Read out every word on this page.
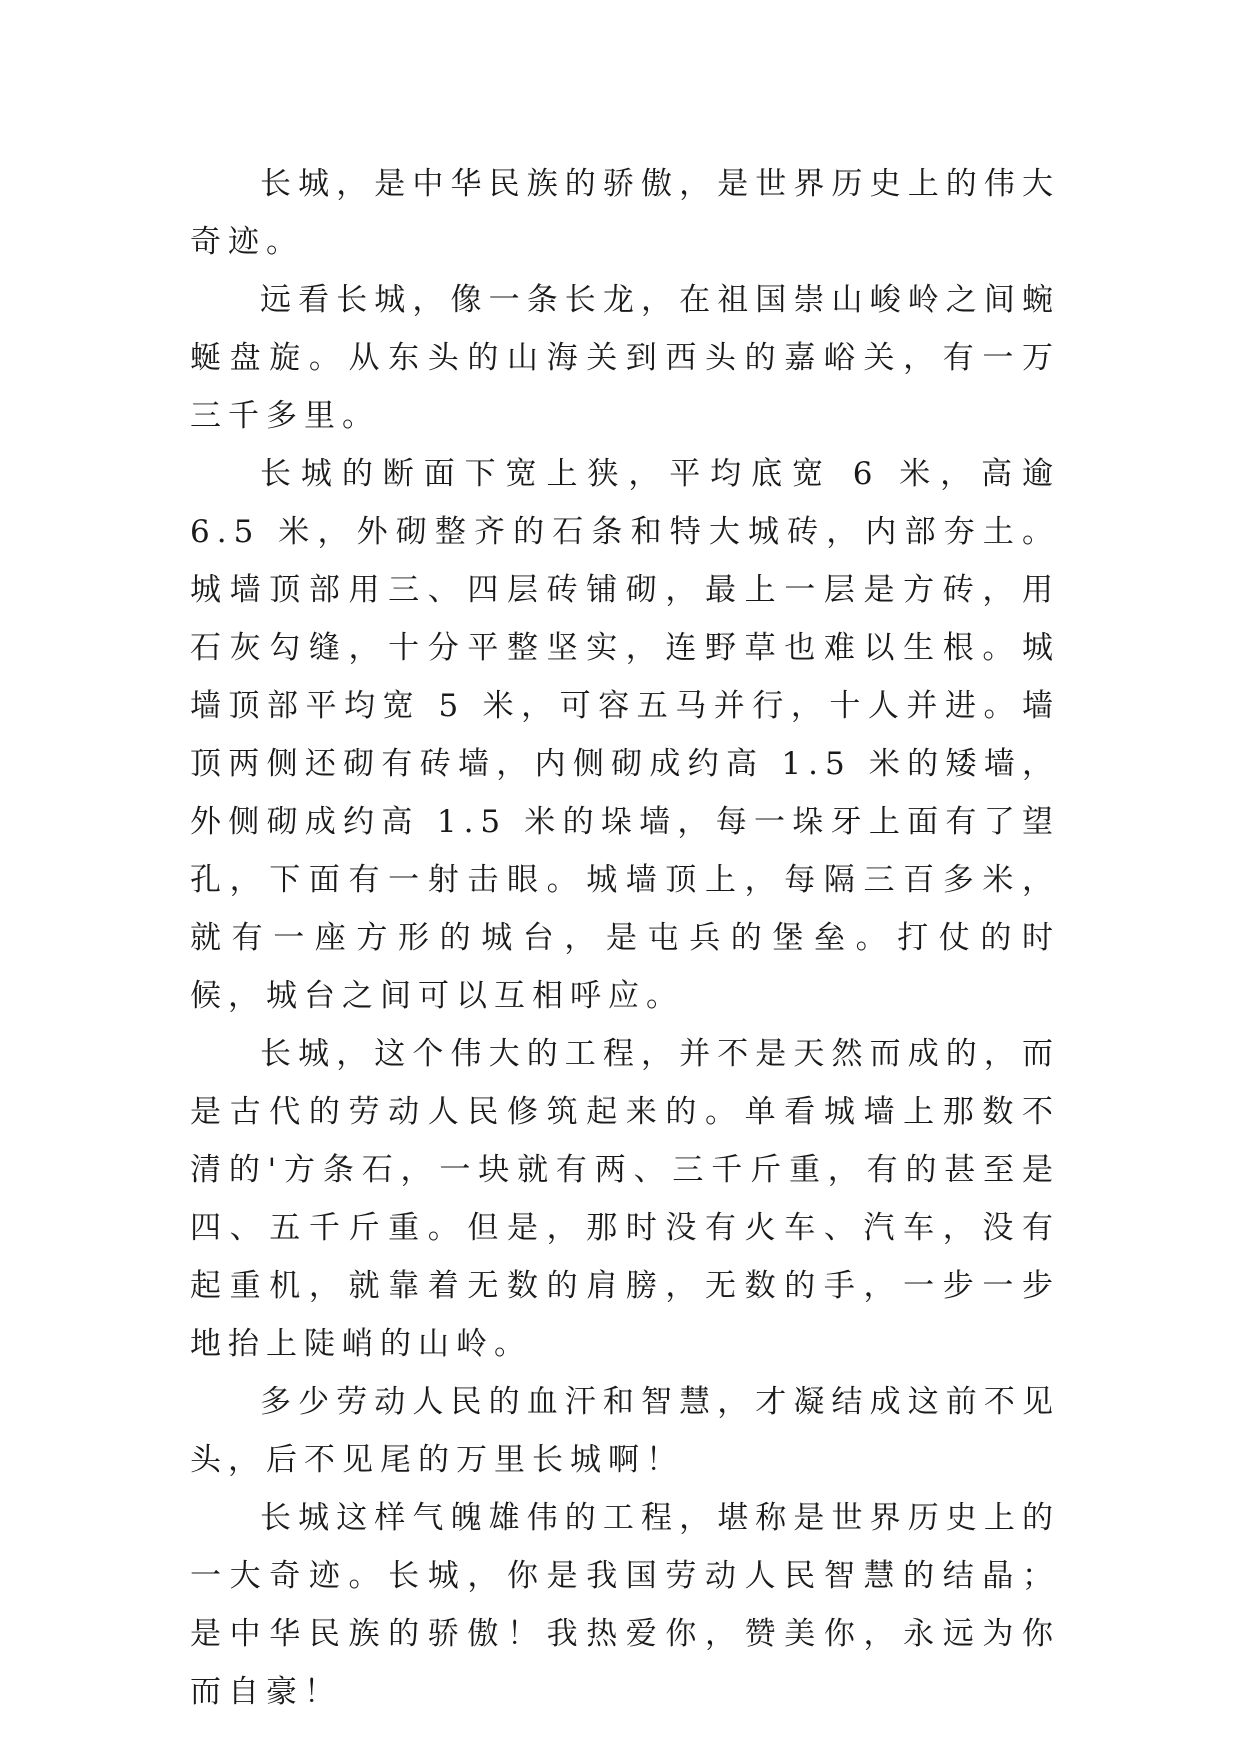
长城，是中华民族的骄傲，是世界历史上的伟大奇迹。

远看长城，像一条长龙，在祖国崇山峻岭之间蜿蜒盘旋。从东头的山海关到西头的嘉峪关，有一万三千多里。

长城的断面下宽上狭，平均底宽 6 米，高逾 6.5 米，外砌整齐的石条和特大城砖，内部夯土。城墙顶部用三、四层砖铺砌，最上一层是方砖，用石灰勾缝，十分平整坚实，连野草也难以生根。城墙顶部平均宽 5 米，可容五马并行，十人并进。墙顶两侧还砌有砖墙，内侧砌成约高 1.5 米的矮墙，外侧砌成约高 1.5 米的垛墙，每一垛牙上面有了望孔，下面有一射击眼。城墙顶上，每隔三百多米，就有一座方形的城台，是屯兵的堡垒。打仗的时候，城台之间可以互相呼应。

长城，这个伟大的工程，并不是天然而成的，而是古代的劳动人民修筑起来的。单看城墙上那数不清的'方条石，一块就有两、三千斤重，有的甚至是四、五千斤重。但是，那时没有火车、汽车，没有起重机，就靠着无数的肩膀，无数的手，一步一步地抬上陡峭的山岭。

多少劳动人民的血汗和智慧，才凝结成这前不见头，后不见尾的万里长城啊！

长城这样气魄雄伟的工程，堪称是世界历史上的一大奇迹。长城，你是我国劳动人民智慧的结晶；是中华民族的骄傲！我热爱你，赞美你，永远为你而自豪！
